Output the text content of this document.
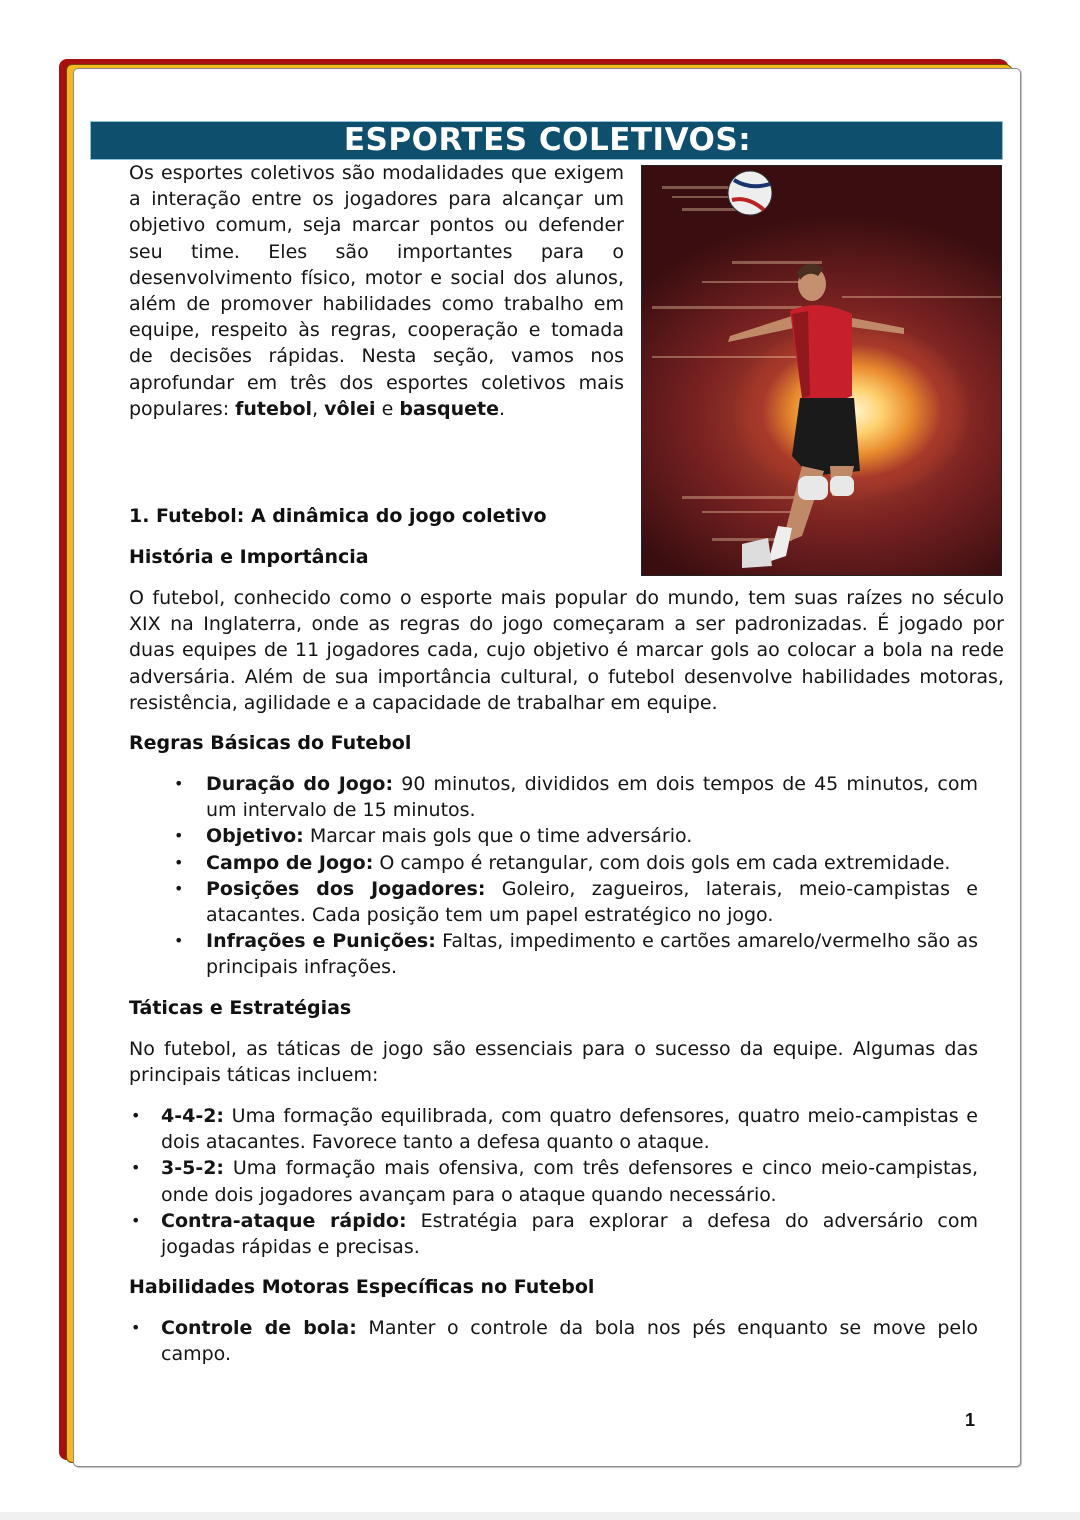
ESPORTES COLETIVOS:
Os esportes coletivos são modalidades que exigem a interação entre os jogadores para alcançar um objetivo comum, seja marcar pontos ou defender seu time. Eles são importantes para o desenvolvimento físico, motor e social dos alunos, além de promover habilidades como trabalho em equipe, respeito às regras, cooperação e tomada de decisões rápidas. Nesta seção, vamos nos aprofundar em três dos esportes coletivos mais populares: futebol, vôlei e basquete.
1. Futebol: A dinâmica do jogo coletivo
História e Importância
O futebol, conhecido como o esporte mais popular do mundo, tem suas raízes no século XIX na Inglaterra, onde as regras do jogo começaram a ser padronizadas. É jogado por duas equipes de 11 jogadores cada, cujo objetivo é marcar gols ao colocar a bola na rede adversária. Além de sua importância cultural, o futebol desenvolve habilidades motoras, resistência, agilidade e a capacidade de trabalhar em equipe.
Regras Básicas do Futebol
• Duração do Jogo: 90 minutos, divididos em dois tempos de 45 minutos, com um intervalo de 15 minutos.
• Objetivo: Marcar mais gols que o time adversário.
• Campo de Jogo: O campo é retangular, com dois gols em cada extremidade.
• Posições dos Jogadores: Goleiro, zagueiros, laterais, meio-campistas e atacantes. Cada posição tem um papel estratégico no jogo.
• Infrações e Punições: Faltas, impedimento e cartões amarelo/vermelho são as principais infrações.
Táticas e Estratégias
No futebol, as táticas de jogo são essenciais para o sucesso da equipe. Algumas das principais táticas incluem:
• 4-4-2: Uma formação equilibrada, com quatro defensores, quatro meio-campistas e dois atacantes. Favorece tanto a defesa quanto o ataque.
• 3-5-2: Uma formação mais ofensiva, com três defensores e cinco meio-campistas, onde dois jogadores avançam para o ataque quando necessário.
• Contra-ataque rápido: Estratégia para explorar a defesa do adversário com jogadas rápidas e precisas.
Habilidades Motoras Específicas no Futebol
• Controle de bola: Manter o controle da bola nos pés enquanto se move pelo campo.
1
